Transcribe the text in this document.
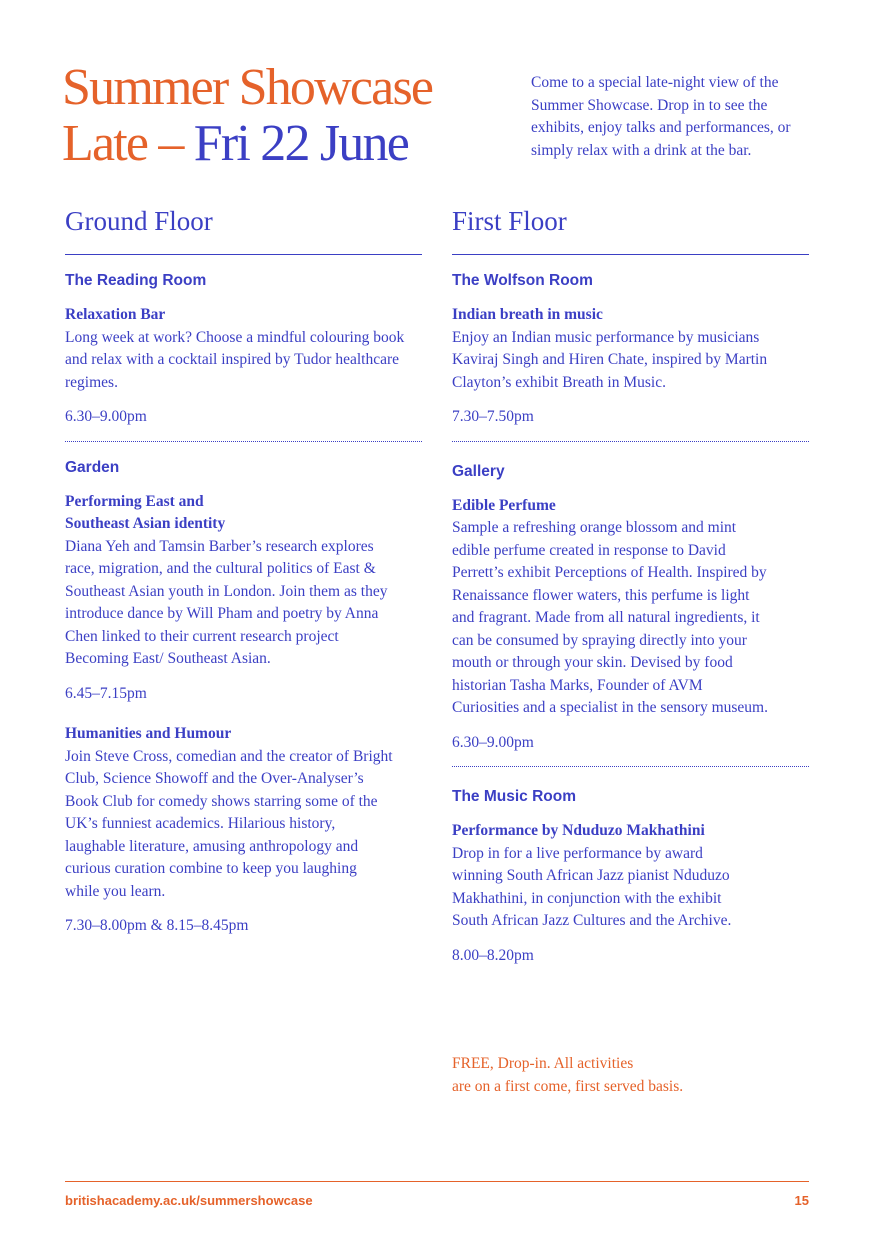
Summer Showcase
Late – Fri 22 June

Come to a special late-night view of the Summer Showcase. Drop in to see the exhibits, enjoy talks and performances, or simply relax with a drink at the bar.

Ground Floor

The Reading Room

Relaxation Bar

Long week at work? Choose a mindful colouring book and relax with a cocktail inspired by Tudor healthcare regimes.

6.30–9.00pm

Garden

Performing East and Southeast Asian identity

Diana Yeh and Tamsin Barber’s research explores race, migration, and the cultural politics of East & Southeast Asian youth in London. Join them as they introduce dance by Will Pham and poetry by Anna Chen linked to their current research project Becoming East/ Southeast Asian.

6.45–7.15pm

Humanities and Humour

Join Steve Cross, comedian and the creator of Bright Club, Science Showoff and the Over-Analyser’s Book Club for comedy shows starring some of the UK’s funniest academics. Hilarious history, laughable literature, amusing anthropology and curious curation combine to keep you laughing while you learn.

7.30–8.00pm & 8.15–8.45pm

First Floor

The Wolfson Room

Indian breath in music

Enjoy an Indian music performance by musicians Kaviraj Singh and Hiren Chate, inspired by Martin Clayton’s exhibit Breath in Music.

7.30–7.50pm

Gallery

Edible Perfume

Sample a refreshing orange blossom and mint edible perfume created in response to David Perrett’s exhibit Perceptions of Health. Inspired by Renaissance flower waters, this perfume is light and fragrant. Made from all natural ingredients, it can be consumed by spraying directly into your mouth or through your skin. Devised by food historian Tasha Marks, Founder of AVM Curiosities and a specialist in the sensory museum.

6.30–9.00pm

The Music Room

Performance by Nduduzo Makhathini

Drop in for a live performance by award winning South African Jazz pianist Nduduzo Makhathini, in conjunction with the exhibit South African Jazz Cultures and the Archive.

8.00–8.20pm

FREE, Drop-in. All activities
are on a first come, first served basis.

britishacademy.ac.uk/summershowcase	15
